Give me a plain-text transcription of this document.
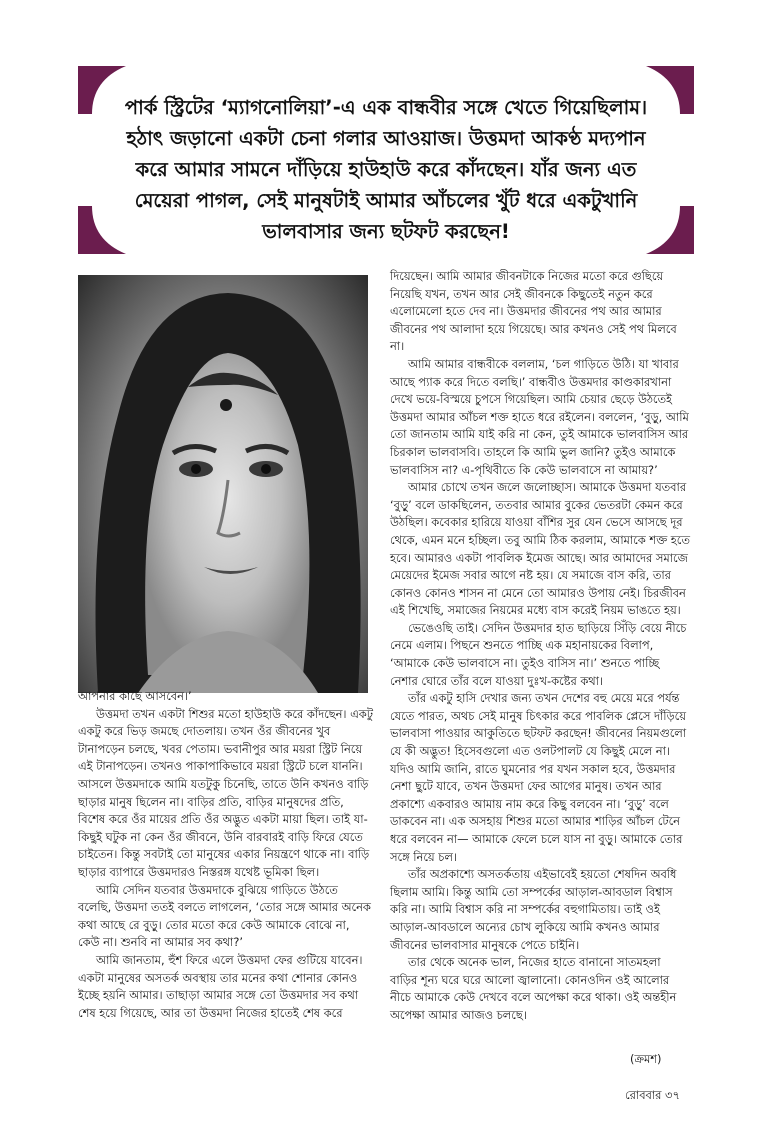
পার্ক স্ট্রিটের ‘ম্যাগনোলিয়া’-এ এক বান্ধবীর সঙ্গে খেতে গিয়েছিলাম।
হঠাৎ জড়ানো একটা চেনা গলার আওয়াজ। উত্তমদা আকণ্ঠ মদ্যপান
করে আমার সামনে দাঁড়িয়ে হাউহাউ করে কাঁদছেন। যাঁর জন্য এত
মেয়েরা পাগল, সেই মানুষটাই আমার আঁচলের খুঁট ধরে একটুখানি
ভালবাসার জন্য ছটফট করছেন!

আপনার কাছে আসবেন।’

উত্তমদা তখন একটা শিশুর মতো হাউহাউ করে কাঁদছেন। একটু একটু করে ভিড় জমছে দোতলায়। তখন ওঁর জীবনের খুব টানাপড়েন চলছে, খবর পেতাম। ভবানীপুর আর ময়রা স্ট্রিট নিয়ে এই টানাপড়েন। তখনও পাকাপাকিভাবে ময়রা স্ট্রিটে চলে যাননি। আসলে উত্তমদাকে আমি যতটুকু চিনেছি, তাতে উনি কখনও বাড়ি ছাড়ার মানুষ ছিলেন না। বাড়ির প্রতি, বাড়ির মানুষদের প্রতি, বিশেষ করে ওঁর মায়ের প্রতি ওঁর অদ্ভুত একটা মায়া ছিল। তাই যা-কিছুই ঘটুক না কেন ওঁর জীবনে, উনি বারবারই বাড়ি ফিরে যেতে চাইতেন। কিন্তু সবটাই তো মানুষের একার নিয়ন্ত্রণে থাকে না। বাড়ি ছাড়ার ব্যাপারে উত্তমদারও নিস্তরঙ্গ যথেষ্ট ভূমিকা ছিল।

আমি সেদিন যতবার উত্তমদাকে বুঝিয়ে গাড়িতে উঠতে বলেছি, উত্তমদা ততই বলতে লাগলেন, ‘তোর সঙ্গে আমার অনেক কথা আছে রে বুড়ু। তোর মতো করে কেউ আমাকে বোঝে না, কেউ না। শুনবি না আমার সব কথা?’

আমি জানতাম, হুঁশ ফিরে এলে উত্তমদা ফের গুটিয়ে যাবেন। একটা মানুষের অসতর্ক অবস্থায় তার মনের কথা শোনার কোনও ইচ্ছে হয়নি আমার। তাছাড়া আমার সঙ্গে তো উত্তমদার সব কথা শেষ হয়ে গিয়েছে, আর তা উত্তমদা নিজের হাতেই শেষ করে

দিয়েছেন। আমি আমার জীবনটাকে নিজের মতো করে গুছিয়ে নিয়েছি যখন, তখন আর সেই জীবনকে কিছুতেই নতুন করে এলোমেলো হতে দেব না। উত্তমদার জীবনের পথ আর আমার জীবনের পথ আলাদা হয়ে গিয়েছে। আর কখনও সেই পথ মিলবে না।

আমি আমার বান্ধবীকে বললাম, ‘চল গাড়িতে উঠি। যা খাবার আছে প্যাক করে দিতে বলছি।’ বান্ধবীও উত্তমদার কাণ্ডকারখানা দেখে ভয়ে-বিস্ময়ে চুপসে গিয়েছিল। আমি চেয়ার ছেড়ে উঠতেই উত্তমদা আমার আঁচল শক্ত হাতে ধরে রইলেন। বললেন, ‘বুড়ু, আমি তো জানতাম আমি যাই করি না কেন, তুই আমাকে ভালবাসিস আর চিরকাল ভালবাসবি। তাহলে কি আমি ভুল জানি? তুইও আমাকে ভালবাসিস না? এ-পৃথিবীতে কি কেউ ভালবাসে না আমায়?’

আমার চোখে তখন জলে জলোচ্ছাস। আমাকে উত্তমদা যতবার ‘বুড়ু’ বলে ডাকছিলেন, ততবার আমার বুকের ভেতরটা কেমন করে উঠছিল। কবেকার হারিয়ে যাওয়া বাঁশির সুর যেন ভেসে আসছে দূর থেকে, এমন মনে হচ্ছিল। তবু আমি ঠিক করলাম, আমাকে শক্ত হতে হবে। আমারও একটা পাবলিক ইমেজ আছে। আর আমাদের সমাজে মেয়েদের ইমেজ সবার আগে নষ্ট হয়। যে সমাজে বাস করি, তার কোনও কোনও শাসন না মেনে তো আমারও উপায় নেই। চিরজীবন এই শিখেছি, সমাজের নিয়মের মধ্যে বাস করেই নিয়ম ভাঙতে হয়।

ভেঙেওছি তাই। সেদিন উত্তমদার হাত ছাড়িয়ে সিঁড়ি বেয়ে নীচে নেমে এলাম। পিছনে শুনতে পাচ্ছি এক মহানায়কের বিলাপ, ‘আমাকে কেউ ভালবাসে না। তুইও বাসিস না।’ শুনতে পাচ্ছি নেশার ঘোরে তাঁর বলে যাওয়া দুঃখ-কষ্টের কথা।

তাঁর একটু হাসি দেখার জন্য তখন দেশের বহু মেয়ে মরে পর্যন্ত যেতে পারত, অথচ সেই মানুষ চিৎকার করে পাবলিক প্লেসে দাঁড়িয়ে ভালবাসা পাওয়ার আকুতিতে ছটফট করছেন! জীবনের নিয়মগুলো যে কী অদ্ভুত! হিসেবগুলো এত ওলটপালট যে কিছুই মেলে না। যদিও আমি জানি, রাতে ঘুমনোর পর যখন সকাল হবে, উত্তমদার নেশা ছুটে যাবে, তখন উত্তমদা ফের আগের মানুষ। তখন আর প্রকাশ্যে একবারও আমায় নাম করে কিছু বলবেন না। ‘বুড়ু’ বলে ডাকবেন না। এক অসহায় শিশুর মতো আমার শাড়ির আঁচল টেনে ধরে বলবেন না— আমাকে ফেলে চলে যাস না বুড়ু। আমাকে তোর সঙ্গে নিয়ে চল।

তাঁর অপ্রকাশ্যে অসতর্কতায় এইভাবেই হয়তো শেষদিন অবধি ছিলাম আমি। কিন্তু আমি তো সম্পর্কের আড়াল-আবডাল বিশ্বাস করি না। আমি বিশ্বাস করি না সম্পর্কের বহুগামিতায়। তাই ওই আড়াল-আবডালে অন্যের চোখ লুকিয়ে আমি কখনও আমার জীবনের ভালবাসার মানুষকে পেতে চাইনি।

তার থেকে অনেক ভাল, নিজের হাতে বানানো সাতমহলা বাড়ির শূন্য ঘরে ঘরে আলো জ্বালানো। কোনওদিন ওই আলোর নীচে আমাকে কেউ দেখবে বলে অপেক্ষা করে থাকা। ওই অন্তহীন অপেক্ষা আমার আজও চলছে।

(ক্রমশ)
রোববার ৩৭
